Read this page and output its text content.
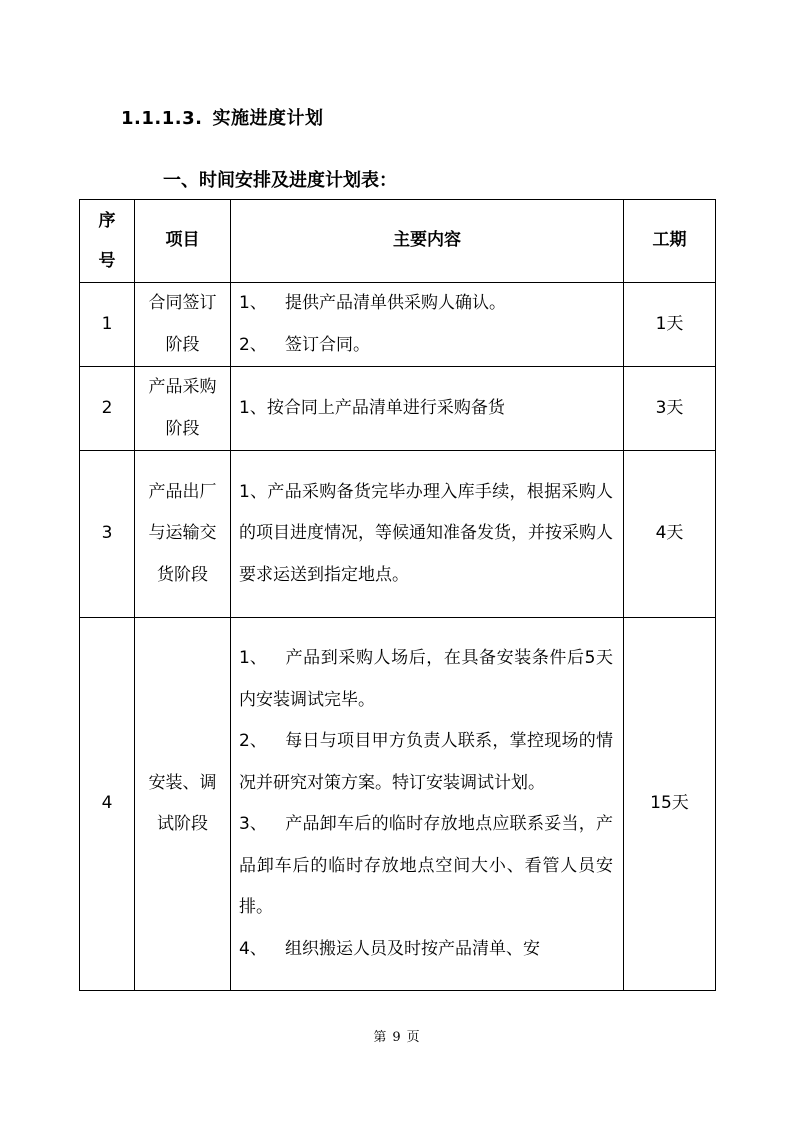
1.1.1.3. 实施进度计划
一、时间安排及进度计划表：
序号	项目	主要内容	工期
1	合同签订阶段	1、 提供产品清单供采购人确认。

2、 签订合同。	1天
2	产品采购阶段	1、按合同上产品清单进行采购备货	3天
3	产品出厂与运输交货阶段	1、产品采购备货完毕办理入库手续，根据采购人的项目进度情况，等候通知准备发货，并按采购人要求运送到指定地点。	4天
4	安装、调试阶段	1、 产品到采购人场后，在具备安装条件后5天内安装调试完毕。

2、 每日与项目甲方负责人联系，掌控现场的情况并研究对策方案。特订安装调试计划。

3、 产品卸车后的临时存放地点应联系妥当，产品卸车后的临时存放地点空间大小、看管人员安排。

4、 组织搬运人员及时按产品清单、安	15天
第 9 页
